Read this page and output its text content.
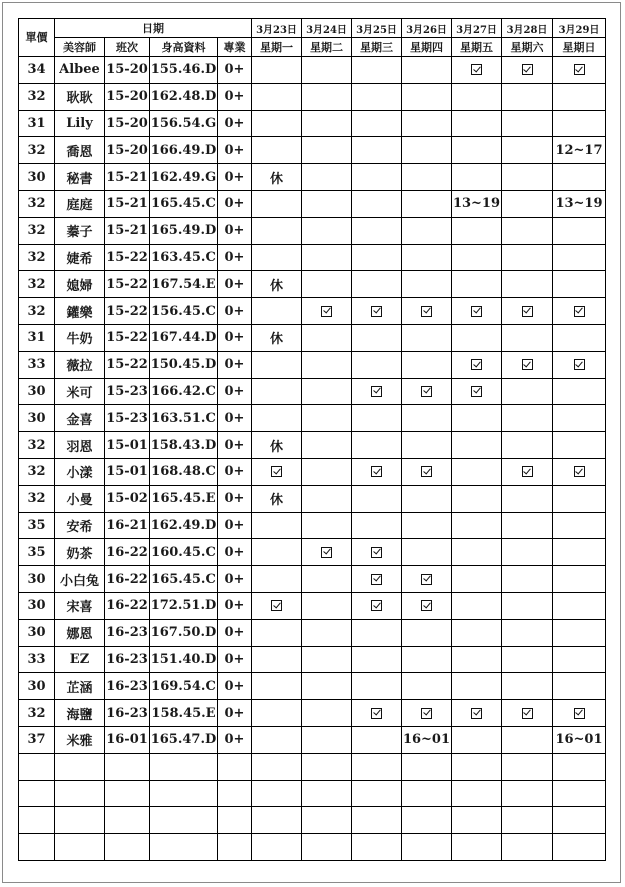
單價	日期				3月23日	3月24日	3月25日	3月26日	3月27日	3月28日	3月29日
	美容師	班次	身高資料	專業	星期一	星期二	星期三	星期四	星期五	星期六	星期日
34	Albee	15-20	155.46.D	0+							
32	耿耿	15-20	162.48.D	0+							
31	Lily	15-20	156.54.G	0+							
32	喬恩	15-20	166.49.D	0+							12~17
30	秘書	15-21	162.49.G	0+	休						
32	庭庭	15-21	165.45.C	0+					13~19		13~19
32	蓁子	15-21	165.49.D	0+							
32	婕希	15-22	163.45.C	0+							
32	媳婦	15-22	167.54.E	0+	休						
32	鑵樂	15-22	156.45.C	0+							
31	牛奶	15-22	167.44.D	0+	休						
33	薇拉	15-22	150.45.D	0+							
30	米可	15-23	166.42.C	0+							
30	金喜	15-23	163.51.C	0+							
32	羽恩	15-01	158.43.D	0+	休						
32	小漾	15-01	168.48.C	0+							
32	小曼	15-02	165.45.E	0+	休						
35	安希	16-21	162.49.D	0+							
35	奶茶	16-22	160.45.C	0+							
30	小白兔	16-22	165.45.C	0+							
30	宋喜	16-22	172.51.D	0+							
30	娜恩	16-23	167.50.D	0+							
33	EZ	16-23	151.40.D	0+							
30	芷涵	16-23	169.54.C	0+							
32	海鹽	16-23	158.45.E	0+							
37	米雅	16-01	165.47.D	0+				16~01			16~01
